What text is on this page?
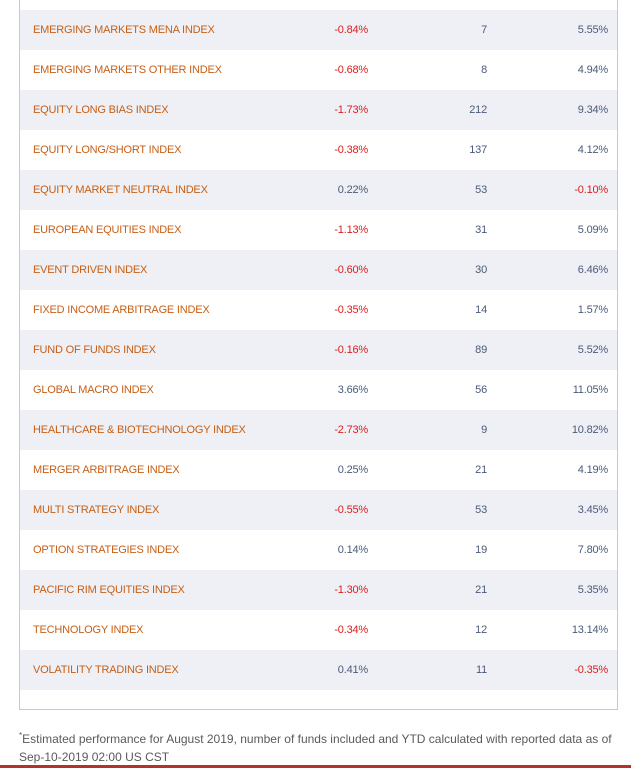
EMERGING MARKETS MENA INDEX	-0.84%	7	5.55%
EMERGING MARKETS OTHER INDEX	-0.68%	8	4.94%
EQUITY LONG BIAS INDEX	-1.73%	212	9.34%
EQUITY LONG/SHORT INDEX	-0.38%	137	4.12%
EQUITY MARKET NEUTRAL INDEX	0.22%	53	-0.10%
EUROPEAN EQUITIES INDEX	-1.13%	31	5.09%
EVENT DRIVEN INDEX	-0.60%	30	6.46%
FIXED INCOME ARBITRAGE INDEX	-0.35%	14	1.57%
FUND OF FUNDS INDEX	-0.16%	89	5.52%
GLOBAL MACRO INDEX	3.66%	56	11.05%
HEALTHCARE & BIOTECHNOLOGY INDEX	-2.73%	9	10.82%
MERGER ARBITRAGE INDEX	0.25%	21	4.19%
MULTI STRATEGY INDEX	-0.55%	53	3.45%
OPTION STRATEGIES INDEX	0.14%	19	7.80%
PACIFIC RIM EQUITIES INDEX	-1.30%	21	5.35%
TECHNOLOGY INDEX	-0.34%	12	13.14%
VOLATILITY TRADING INDEX	0.41%	11	-0.35%
*Estimated performance for August 2019, number of funds included and YTD calculated with reported data as of Sep-10-2019 02:00 US CST
